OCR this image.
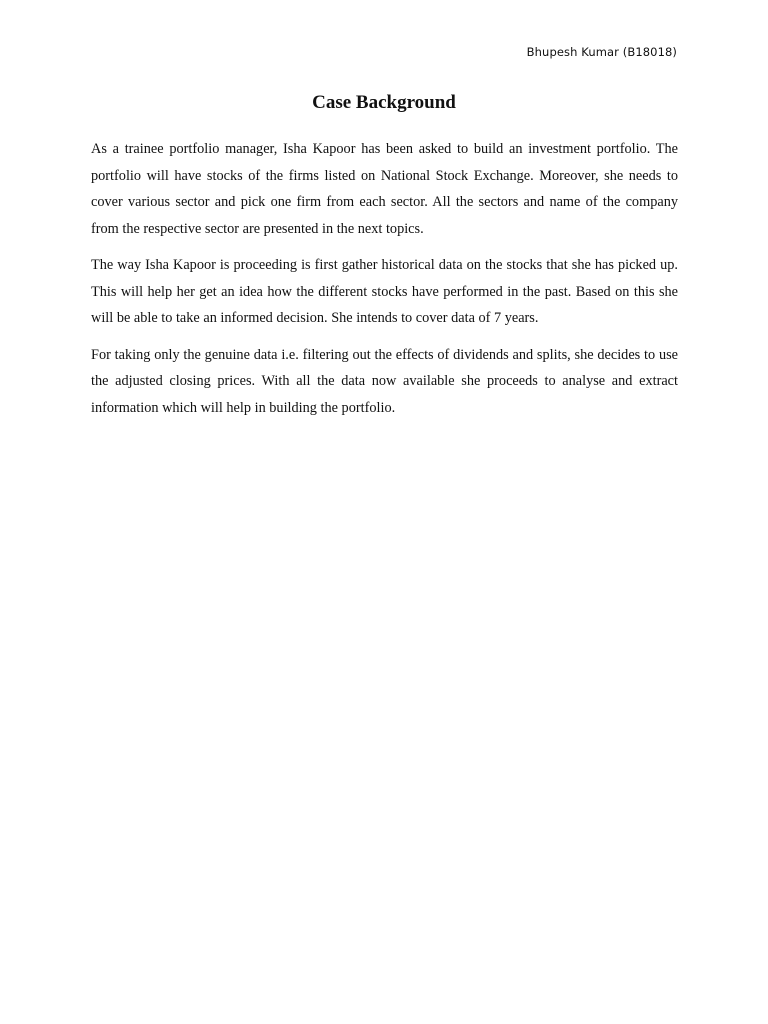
Bhupesh Kumar (B18018)
Case Background

As a trainee portfolio manager, Isha Kapoor has been asked to build an investment portfolio. The portfolio will have stocks of the firms listed on National Stock Exchange. Moreover, she needs to cover various sector and pick one firm from each sector. All the sectors and name of the company from the respective sector are presented in the next topics.

The way Isha Kapoor is proceeding is first gather historical data on the stocks that she has picked up. This will help her get an idea how the different stocks have performed in the past. Based on this she will be able to take an informed decision. She intends to cover data of 7 years.

For taking only the genuine data i.e. filtering out the effects of dividends and splits, she decides to use the adjusted closing prices. With all the data now available she proceeds to analyse and extract information which will help in building the portfolio.
